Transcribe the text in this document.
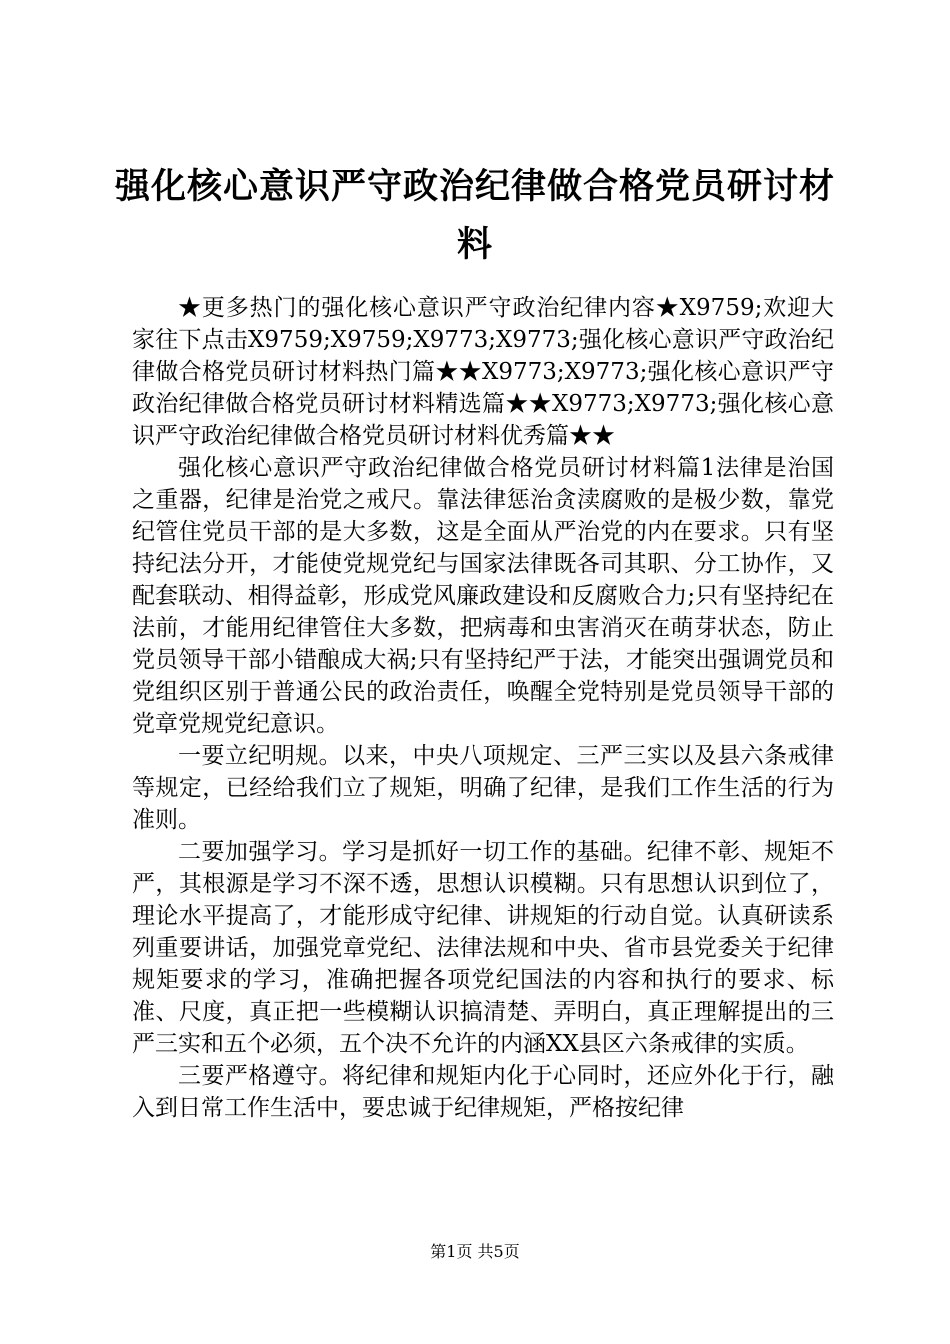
强化核心意识严守政治纪律做合格党员研讨材料

★更多热门的强化核心意识严守政治纪律内容★X9759;欢迎大家往下点击X9759;X9759;X9773;X9773;强化核心意识严守政治纪律做合格党员研讨材料热门篇★★X9773;X9773;强化核心意识严守政治纪律做合格党员研讨材料精选篇★★X9773;X9773;强化核心意识严守政治纪律做合格党员研讨材料优秀篇★★

强化核心意识严守政治纪律做合格党员研讨材料篇1法律是治国之重器，纪律是治党之戒尺。靠法律惩治贪渎腐败的是极少数，靠党纪管住党员干部的是大多数，这是全面从严治党的内在要求。只有坚持纪法分开，才能使党规党纪与国家法律既各司其职、分工协作，又配套联动、相得益彰，形成党风廉政建设和反腐败合力;只有坚持纪在法前，才能用纪律管住大多数，把病毒和虫害消灭在萌芽状态，防止党员领导干部小错酿成大祸;只有坚持纪严于法，才能突出强调党员和党组织区别于普通公民的政治责任，唤醒全党特别是党员领导干部的党章党规党纪意识。

一要立纪明规。以来，中央八项规定、三严三实以及县六条戒律等规定，已经给我们立了规矩，明确了纪律，是我们工作生活的行为准则。

二要加强学习。学习是抓好一切工作的基础。纪律不彰、规矩不严，其根源是学习不深不透，思想认识模糊。只有思想认识到位了，理论水平提高了，才能形成守纪律、讲规矩的行动自觉。认真研读系列重要讲话，加强党章党纪、法律法规和中央、省市县党委关于纪律规矩要求的学习，准确把握各项党纪国法的内容和执行的要求、标准、尺度，真正把一些模糊认识搞清楚、弄明白，真正理解提出的三严三实和五个必须，五个决不允许的内涵XX县区六条戒律的实质。

三要严格遵守。将纪律和规矩内化于心同时，还应外化于行，融入到日常工作生活中，要忠诚于纪律规矩，严格按纪律

第1页 共5页
